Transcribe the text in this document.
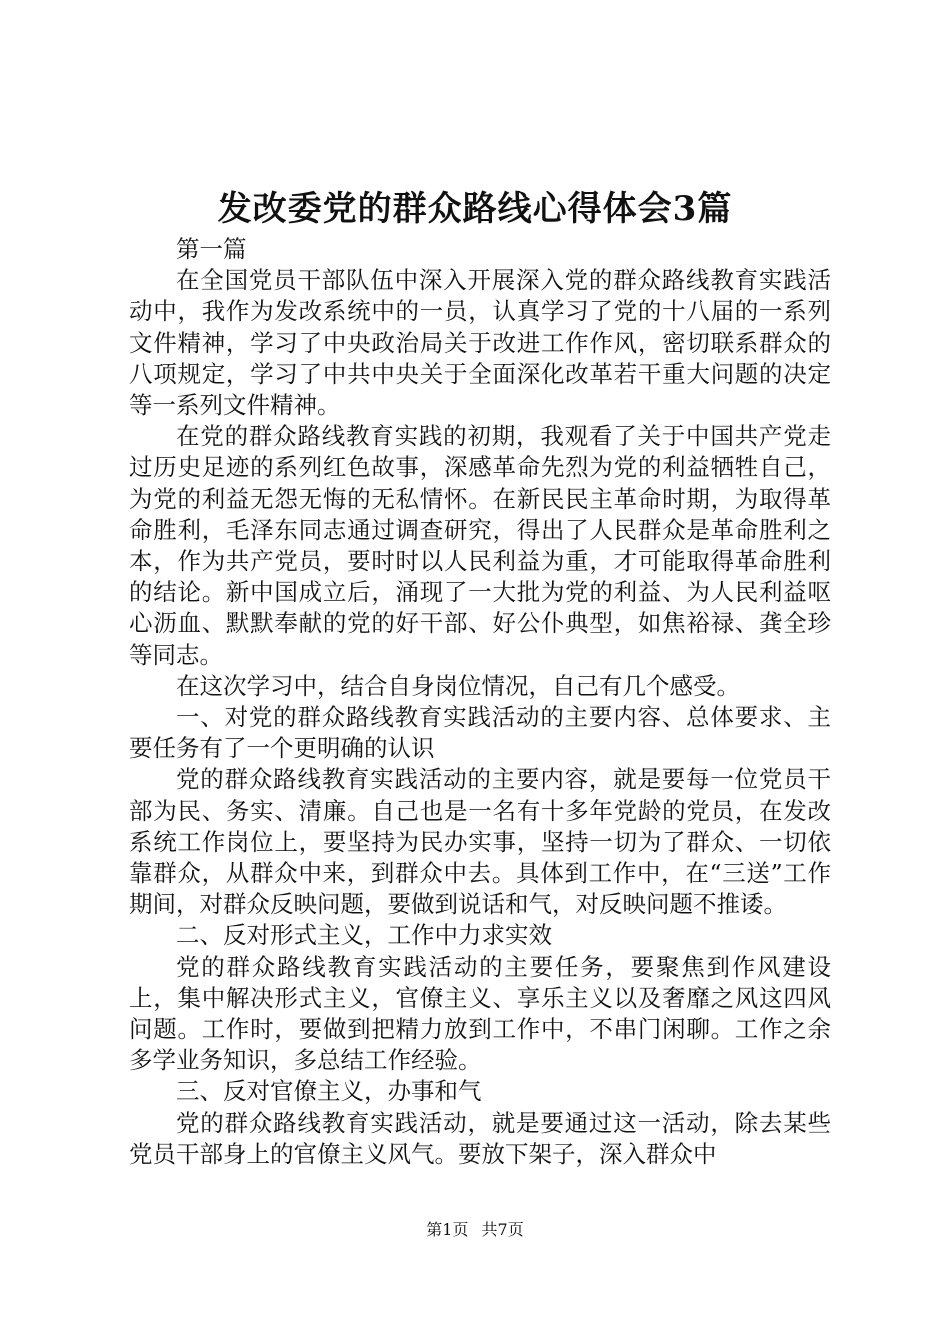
发改委党的群众路线心得体会3篇

第一篇

在全国党员干部队伍中深入开展深入党的群众路线教育实践活动中，我作为发改系统中的一员，认真学习了党的十八届的一系列文件精神，学习了中央政治局关于改进工作作风，密切联系群众的八项规定，学习了中共中央关于全面深化改革若干重大问题的决定等一系列文件精神。

在党的群众路线教育实践的初期，我观看了关于中国共产党走过历史足迹的系列红色故事，深感革命先烈为党的利益牺牲自己，为党的利益无怨无悔的无私情怀。在新民民主革命时期，为取得革命胜利，毛泽东同志通过调查研究，得出了人民群众是革命胜利之本，作为共产党员，要时时以人民利益为重，才可能取得革命胜利的结论。新中国成立后，涌现了一大批为党的利益、为人民利益呕心沥血、默默奉献的党的好干部、好公仆典型，如焦裕禄、龚全珍等同志。

在这次学习中，结合自身岗位情况，自己有几个感受。

一、对党的群众路线教育实践活动的主要内容、总体要求、主要任务有了一个更明确的认识

党的群众路线教育实践活动的主要内容，就是要每一位党员干部为民、务实、清廉。自己也是一名有十多年党龄的党员，在发改系统工作岗位上，要坚持为民办实事，坚持一切为了群众、一切依靠群众，从群众中来，到群众中去。具体到工作中，在“三送”工作期间，对群众反映问题，要做到说话和气，对反映问题不推诿。

二、反对形式主义，工作中力求实效

党的群众路线教育实践活动的主要任务，要聚焦到作风建设上，集中解决形式主义，官僚主义、享乐主义以及奢靡之风这四风问题。工作时，要做到把精力放到工作中，不串门闲聊。工作之余多学业务知识，多总结工作经验。

三、反对官僚主义，办事和气

党的群众路线教育实践活动，就是要通过这一活动，除去某些党员干部身上的官僚主义风气。要放下架子，深入群众中

第1页 共7页
